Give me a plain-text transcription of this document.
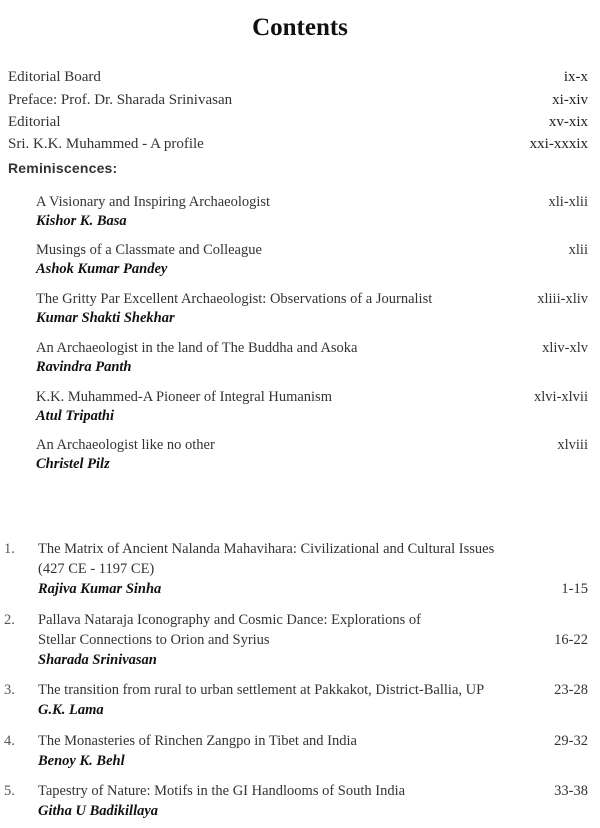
Contents
Editorial Board	ix-x
Preface: Prof. Dr. Sharada Srinivasan	xi-xiv
Editorial	xv-xix
Sri. K.K. Muhammed - A profile	xxi-xxxix
Reminiscences:
A Visionary and Inspiring Archaeologist	xli-xlii
Kishor K. Basa
Musings of a Classmate and Colleague	xlii
Ashok Kumar Pandey
The Gritty Par Excellent Archaeologist: Observations of a Journalist	xliii-xliv
Kumar Shakti Shekhar
An Archaeologist in the land of The Buddha and Asoka	xliv-xlv
Ravindra Panth
K.K. Muhammed-A Pioneer of Integral Humanism	xlvi-xlvii
Atul Tripathi
An Archaeologist like no other	xlviii
Christel Pilz
1.	The Matrix of Ancient Nalanda Mahavihara: Civilizational and Cultural Issues
(427 CE - 1197 CE)
Rajiva Kumar Sinha	1-15
2.	Pallava Nataraja Iconography and Cosmic Dance: Explorations of
Stellar Connections to Orion and Syrius	16-22
Sharada Srinivasan
3.	The transition from rural to urban settlement at Pakkakot, District-Ballia, UP	23-28
G.K. Lama
4.	The Monasteries of Rinchen Zangpo in Tibet and India	29-32
Benoy K. Behl
5.	Tapestry of Nature: Motifs in the GI Handlooms of South India	33-38
Githa U Badikillaya
